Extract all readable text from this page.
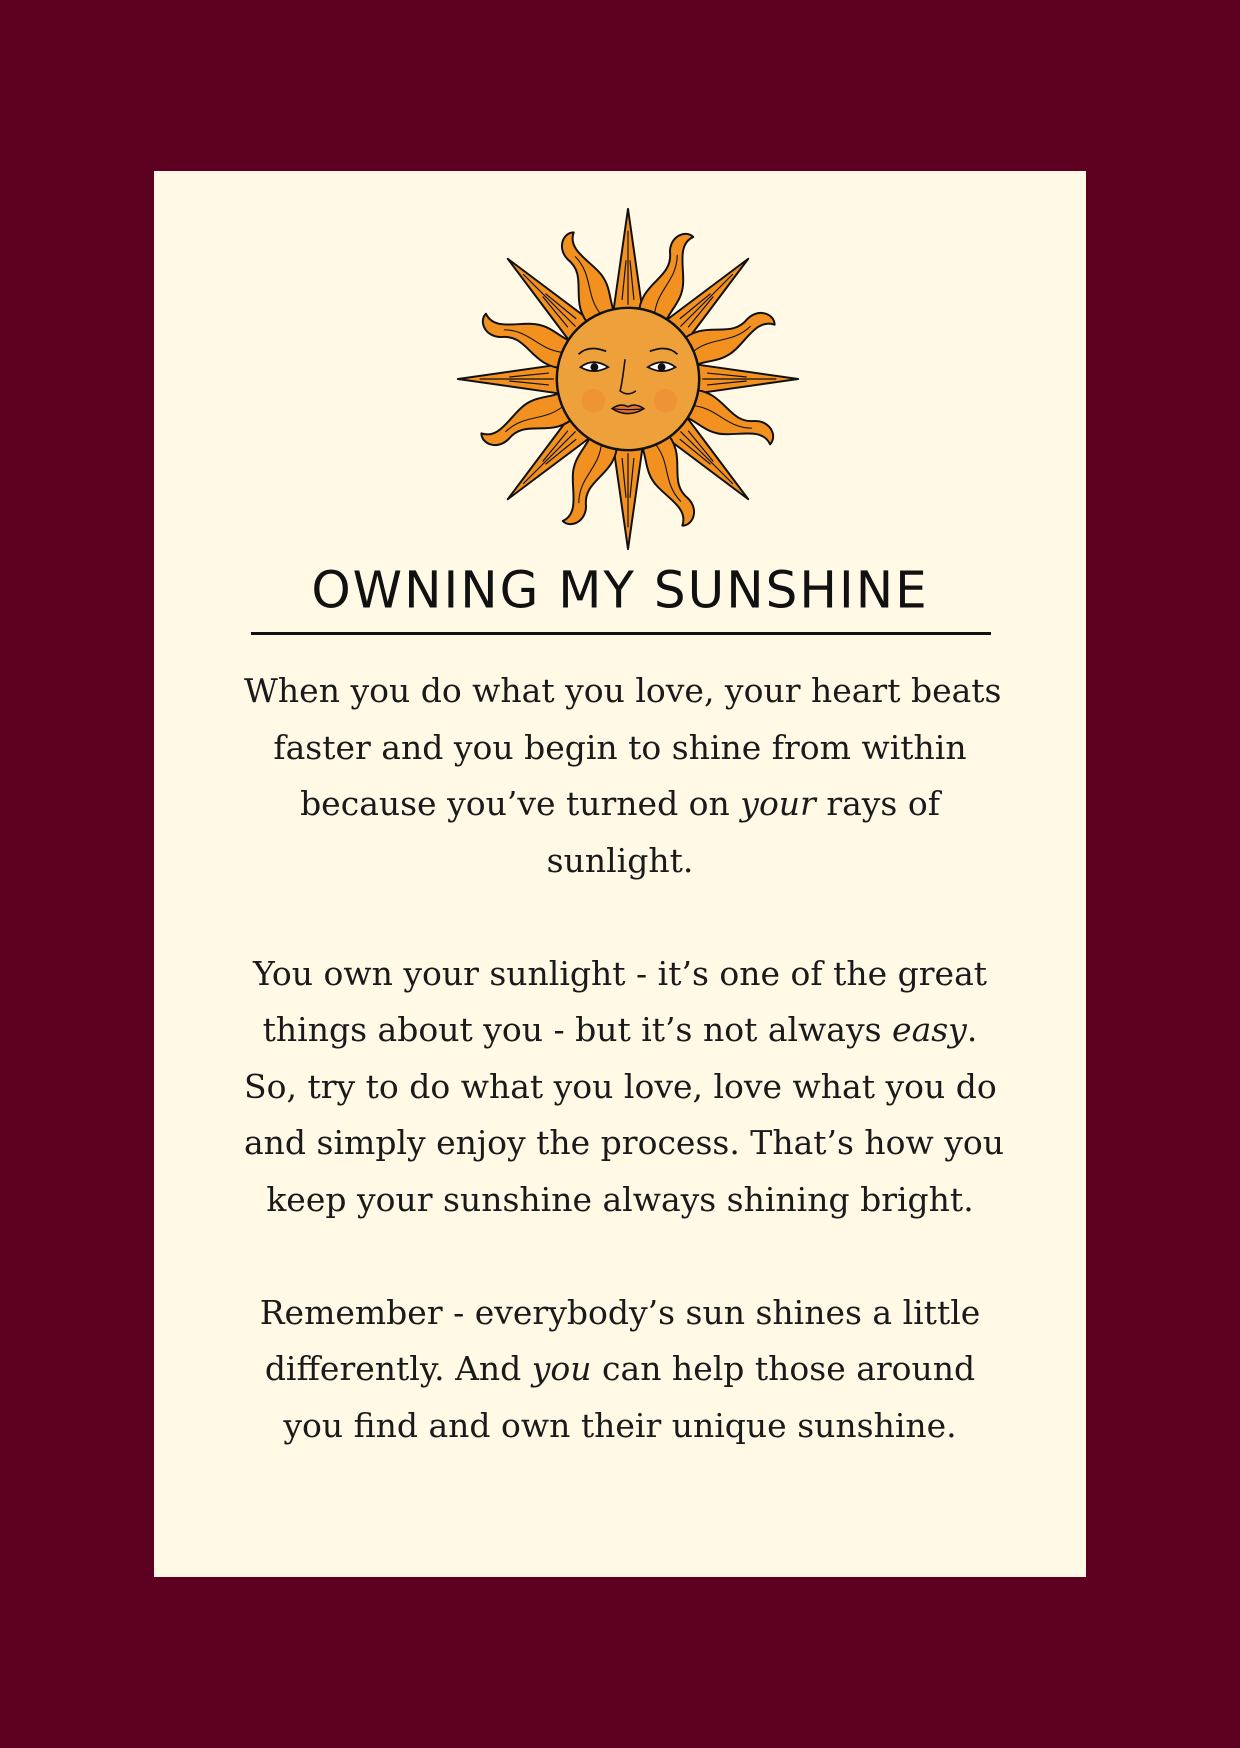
OWNING MY SUNSHINE

When you do what you love, your heart beats
faster and you begin to shine from within
because you’ve turned on your rays of
sunlight.

You own your sunlight - it’s one of the great
things about you - but it’s not always easy.
So, try to do what you love, love what you do
and simply enjoy the process. That’s how you
keep your sunshine always shining bright.

Remember - everybody’s sun shines a little
differently. And you can help those around
you find and own their unique sunshine.
